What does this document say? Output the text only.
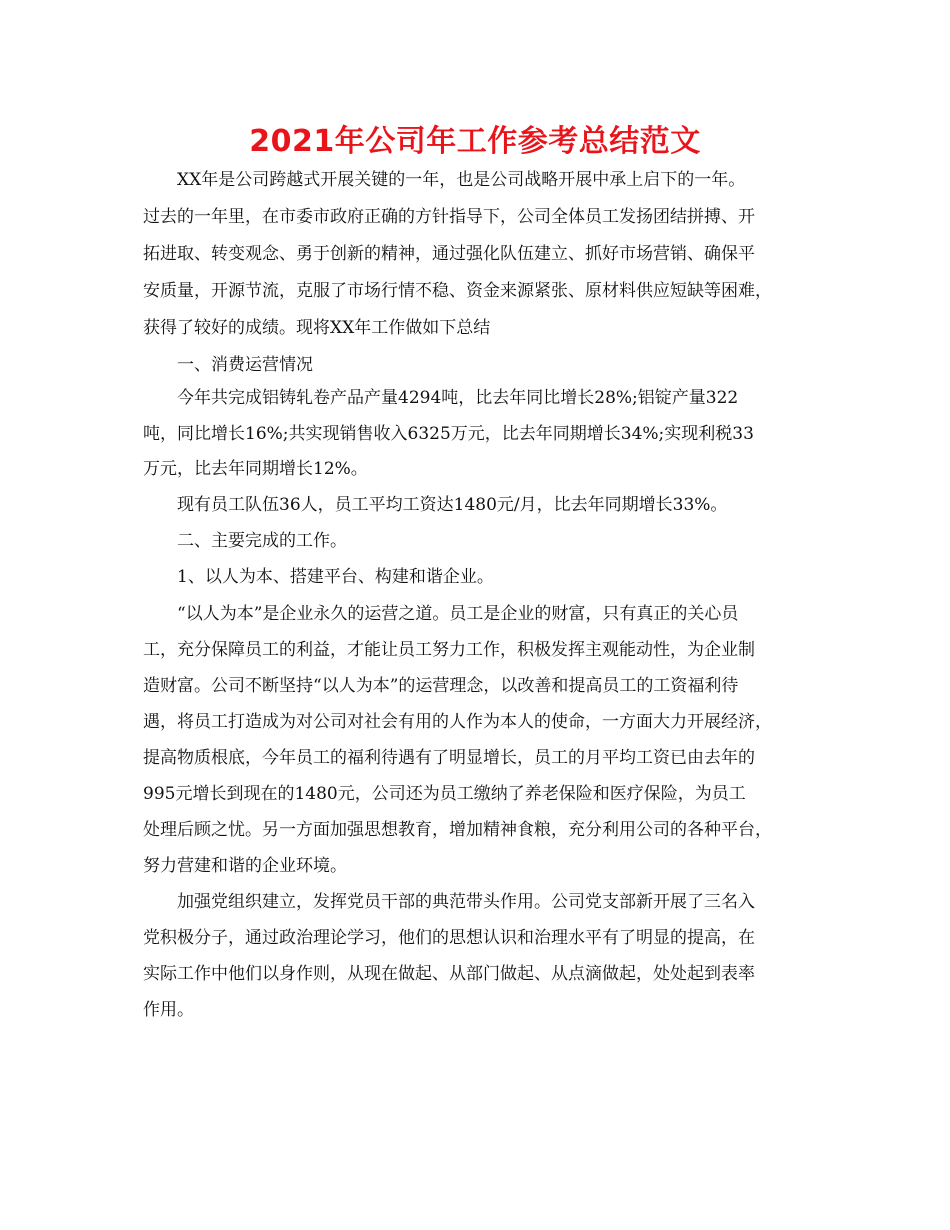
2021年公司年工作参考总结范文
XX年是公司跨越式开展关键的一年，也是公司战略开展中承上启下的一年。
过去的一年里，在市委市政府正确的方针指导下，公司全体员工发扬团结拼搏、开
拓进取、转变观念、勇于创新的精神，通过强化队伍建立、抓好市场营销、确保平
安质量，开源节流，克服了市场行情不稳、资金来源紧张、原材料供应短缺等困难，
获得了较好的成绩。现将XX年工作做如下总结
一、消费运营情况
今年共完成铝铸轧卷产品产量4294吨，比去年同比增长28%;铝锭产量322
吨，同比增长16%;共实现销售收入6325万元，比去年同期增长34%;实现利税33
万元，比去年同期增长12%。
现有员工队伍36人，员工平均工资达1480元/月，比去年同期增长33%。
二、主要完成的工作。
1、以人为本、搭建平台、构建和谐企业。
“以人为本”是企业永久的运营之道。员工是企业的财富，只有真正的关心员
工，充分保障员工的利益，才能让员工努力工作，积极发挥主观能动性，为企业制
造财富。公司不断坚持“以人为本”的运营理念，以改善和提高员工的工资福利待
遇，将员工打造成为对公司对社会有用的人作为本人的使命，一方面大力开展经济，
提高物质根底，今年员工的福利待遇有了明显增长，员工的月平均工资已由去年的
995元增长到现在的1480元，公司还为员工缴纳了养老保险和医疗保险，为员工
处理后顾之忧。另一方面加强思想教育，增加精神食粮，充分利用公司的各种平台，
努力营建和谐的企业环境。
加强党组织建立，发挥党员干部的典范带头作用。公司党支部新开展了三名入
党积极分子，通过政治理论学习，他们的思想认识和治理水平有了明显的提高，在
实际工作中他们以身作则，从现在做起、从部门做起、从点滴做起，处处起到表率
作用。
